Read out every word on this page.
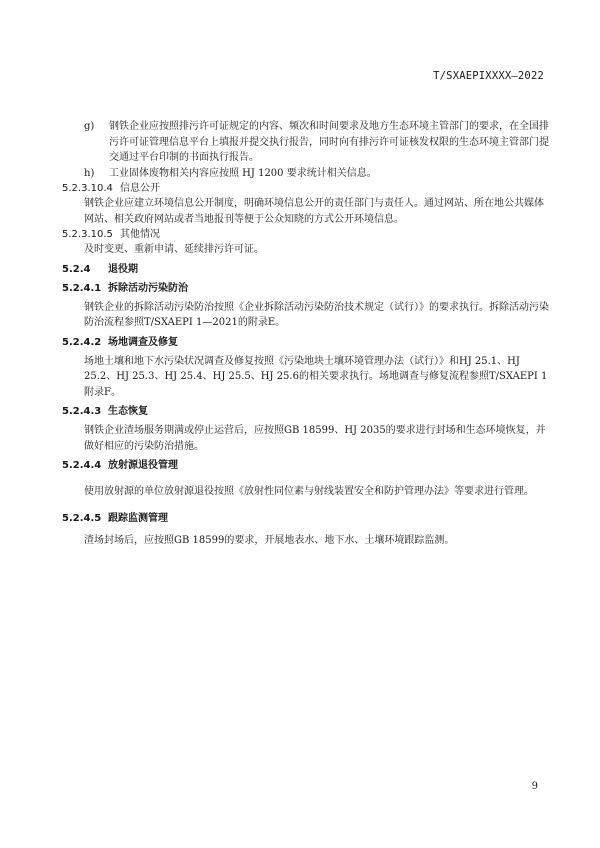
T/SXAEPIXXXX—2022
g) 钢铁企业应按照排污许可证规定的内容、频次和时间要求及地方生态环境主管部门的要求，在全国排污许可证管理信息平台上填报并提交执行报告，同时向有排污许可证核发权限的生态环境主管部门提交通过平台印制的书面执行报告。
h) 工业固体废物相关内容应按照 HJ 1200 要求统计相关信息。
5.2.3.10.4 信息公开
钢铁企业应建立环境信息公开制度，明确环境信息公开的责任部门与责任人。通过网站、所在地公共媒体网站、相关政府网站或者当地报刊等便于公众知晓的方式公开环境信息。
5.2.3.10.5 其他情况
及时变更、重新申请、延续排污许可证。
5.2.4	退役期
5.2.4.1 拆除活动污染防治
钢铁企业的拆除活动污染防治按照《企业拆除活动污染防治技术规定（试行）》的要求执行。拆除活动污染防治流程参照T/SXAEPI 1—2021的附录E。
5.2.4.2 场地调查及修复
场地土壤和地下水污染状况调查及修复按照《污染地块土壤环境管理办法（试行）》和HJ 25.1、HJ 25.2、HJ 25.3、HJ 25.4、HJ 25.5、HJ 25.6的相关要求执行。场地调查与修复流程参照T/SXAEPI 1附录F。
5.2.4.3 生态恢复
钢铁企业渣场服务期满或停止运营后，应按照GB 18599、HJ 2035的要求进行封场和生态环境恢复，并做好相应的污染防治措施。
5.2.4.4 放射源退役管理
使用放射源的单位放射源退役按照《放射性同位素与射线装置安全和防护管理办法》等要求进行管理。
5.2.4.5 跟踪监测管理
渣场封场后，应按照GB 18599的要求，开展地表水、地下水、土壤环境跟踪监测。
9
